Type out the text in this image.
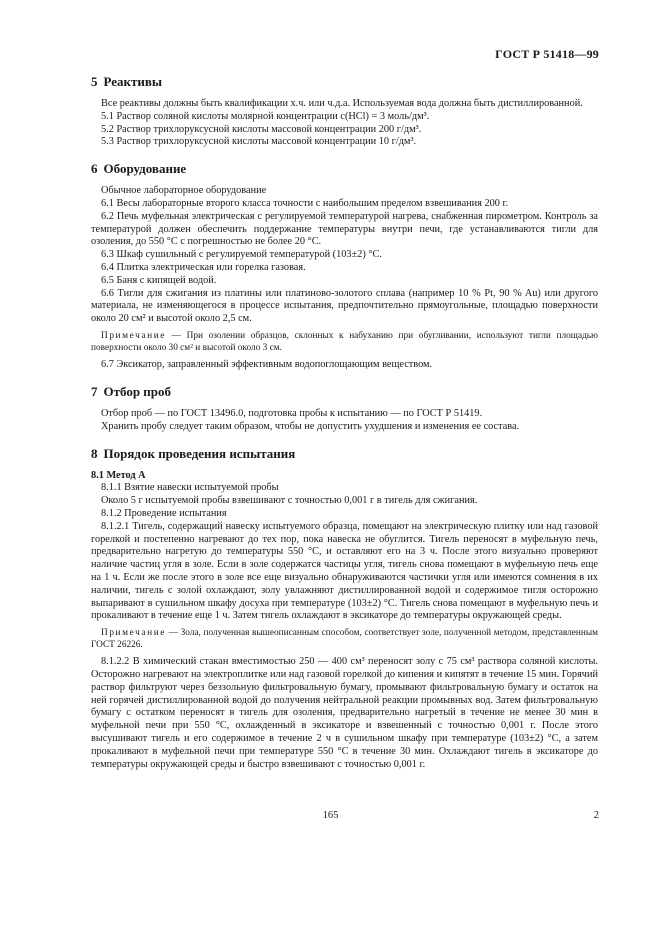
ГОСТ Р 51418—99
5 Реактивы

Все реактивы должны быть квалификации х.ч. или ч.д.а. Используемая вода должна быть дистиллированной.

5.1 Раствор соляной кислоты молярной концентрации c(HCl) = 3 моль/дм³.

5.2 Раствор трихлоруксусной кислоты массовой концентрации 200 г/дм³.

5.3 Раствор трихлоруксусной кислоты массовой концентрации 10 г/дм³.

6 Оборудование

Обычное лабораторное оборудование

6.1 Весы лабораторные второго класса точности с наибольшим пределом взвешивания 200 г.

6.2 Печь муфельная электрическая с регулируемой температурой нагрева, снабженная пирометром. Контроль за температурой должен обеспечить поддержание температуры внутри печи, где устанавливаются тигли для озоления, до 550 °С с погрешностью не более 20 °С.

6.3 Шкаф сушильный с регулируемой температурой (103±2) °С.

6.4 Плитка электрическая или горелка газовая.

6.5 Баня с кипящей водой.

6.6 Тигли для сжигания из платины или платиново-золотого сплава (например 10 % Pt, 90 % Au) или другого материала, не изменяющегося в процессе испытания, предпочтительно прямоугольные, площадью поверхности около 20 см² и высотой около 2,5 см.

Примечание — При озолении образцов, склонных к набуханию при обугливании, используют тигли площадью поверхности около 30 см² и высотой около 3 см.

6.7 Эксикатор, заправленный эффективным водопоглощающим веществом.

7 Отбор проб

Отбор проб — по ГОСТ 13496.0, подготовка пробы к испытанию — по ГОСТ Р 51419.

Хранить пробу следует таким образом, чтобы не допустить ухудшения и изменения ее состава.

8 Порядок проведения испытания

8.1 Метод А

8.1.1 Взятие навески испытуемой пробы

Около 5 г испытуемой пробы взвешивают с точностью 0,001 г в тигель для сжигания.

8.1.2 Проведение испытания

8.1.2.1 Тигель, содержащий навеску испытуемого образца, помещают на электрическую плитку или над газовой горелкой и постепенно нагревают до тех пор, пока навеска не обуглится. Тигель переносят в муфельную печь, предварительно нагретую до температуры 550 °С, и оставляют его на 3 ч. После этого визуально проверяют наличие частиц угля в золе. Если в золе содержатся частицы угля, тигель снова помещают в муфельную печь еще на 1 ч. Если же после этого в золе все еще визуально обнаруживаются частички угля или имеются сомнения в их наличии, тигель с золой охлаждают, золу увлажняют дистиллированной водой и содержимое тигля осторожно выпаривают в сушильном шкафу досуха при температуре (103±2) °С. Тигель снова помещают в муфельную печь и прокаливают в течение еще 1 ч. Затем тигель охлаждают в эксикаторе до температуры окружающей среды.

Примечание — Зола, полученная вышеописанным способом, соответствует золе, полученной методом, представленным ГОСТ 26226.

8.1.2.2 В химический стакан вместимостью 250 — 400 см³ переносят золу с 75 см³ раствора соляной кислоты. Осторожно нагревают на электроплитке или над газовой горелкой до кипения и кипятят в течение 15 мин. Горячий раствор фильтруют через беззольную фильтровальную бумагу, промывают фильтровальную бумагу и остаток на ней горячей дистиллированной водой до получения нейтральной реакции промывных вод. Затем фильтровальную бумагу с остатком переносят в тигель для озоления, предварительно нагретый в течение не менее 30 мин в муфельной печи при 550 °С, охлажденный в эксикаторе и взвешенный с точностью 0,001 г. После этого высушивают тигель и его содержимое в течение 2 ч в сушильном шкафу при температуре (103±2) °С, а затем прокаливают в муфельной печи при температуре 550 °С в течение 30 мин. Охлаждают тигель в эксикаторе до температуры окружающей среды и быстро взвешивают с точностью 0,001 г.

165	2
